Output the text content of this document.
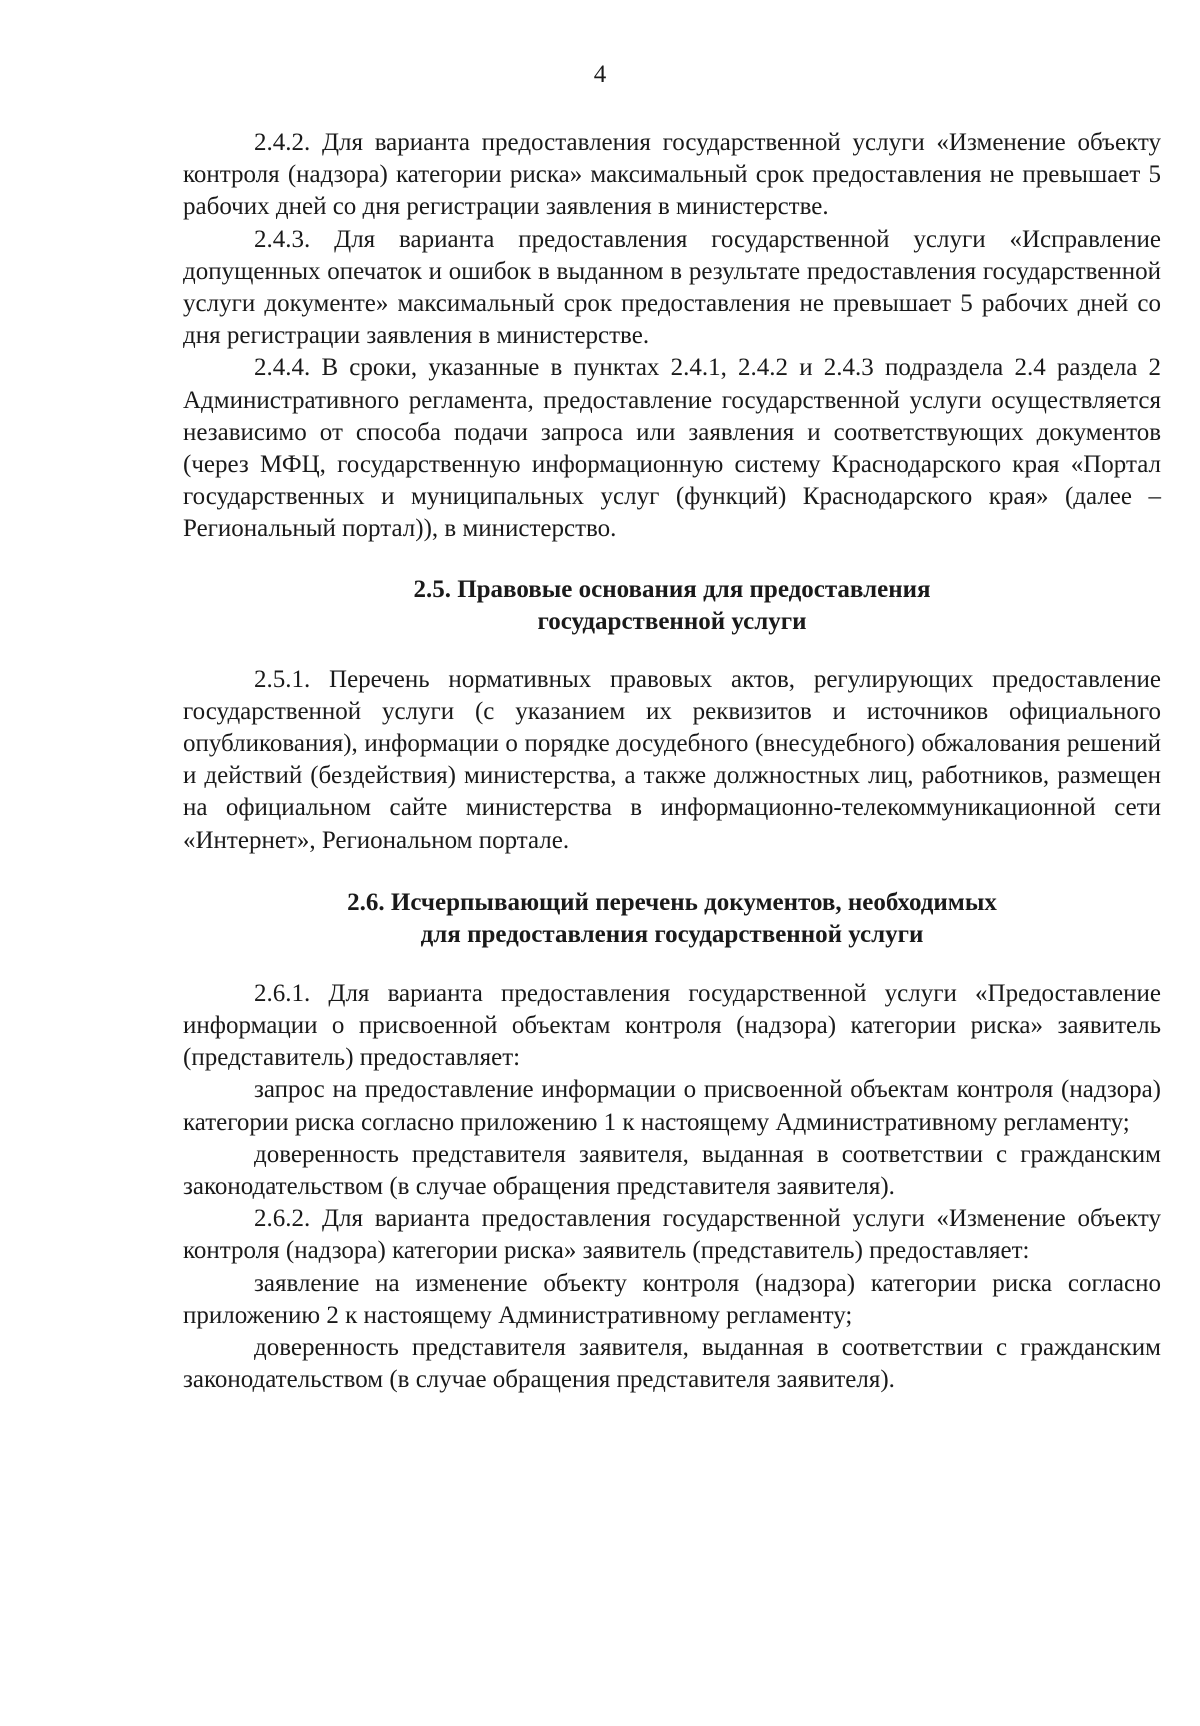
4

2.4.2. Для варианта предоставления государственной услуги «Изменение объекту контроля (надзора) категории риска» максимальный срок предоставления не превышает 5 рабочих дней со дня регистрации заявления в министерстве.

2.4.3. Для варианта предоставления государственной услуги «Исправление допущенных опечаток и ошибок в выданном в результате предоставления государственной услуги документе» максимальный срок предоставления не превышает 5 рабочих дней со дня регистрации заявления в министерстве.

2.4.4. В сроки, указанные в пунктах 2.4.1, 2.4.2 и 2.4.3 подраздела 2.4 раздела 2 Административного регламента, предоставление государственной услуги осуществляется независимо от способа подачи запроса или заявления и соответствующих документов (через МФЦ, государственную информационную систему Краснодарского края «Портал государственных и муниципальных услуг (функций) Краснодарского края» (далее – Региональный портал)), в министерство.

2.5. Правовые основания для предоставления
государственной услуги

2.5.1. Перечень нормативных правовых актов, регулирующих предоставление государственной услуги (с указанием их реквизитов и источников официального опубликования), информации о порядке досудебного (внесудебного) обжалования решений и действий (бездействия) министерства, а также должностных лиц, работников, размещен на официальном сайте министерства в информационно-телекоммуникационной сети «Интернет», Региональном портале.

2.6. Исчерпывающий перечень документов, необходимых
для предоставления государственной услуги

2.6.1. Для варианта предоставления государственной услуги «Предоставление информации о присвоенной объектам контроля (надзора) категории риска» заявитель (представитель) предоставляет:

запрос на предоставление информации о присвоенной объектам контроля (надзора) категории риска согласно приложению 1 к настоящему Административному регламенту;

доверенность представителя заявителя, выданная в соответствии с гражданским законодательством (в случае обращения представителя заявителя).

2.6.2. Для варианта предоставления государственной услуги «Изменение объекту контроля (надзора) категории риска» заявитель (представитель) предоставляет:

заявление на изменение объекту контроля (надзора) категории риска согласно приложению 2 к настоящему Административному регламенту;

доверенность представителя заявителя, выданная в соответствии с гражданским законодательством (в случае обращения представителя заявителя).
